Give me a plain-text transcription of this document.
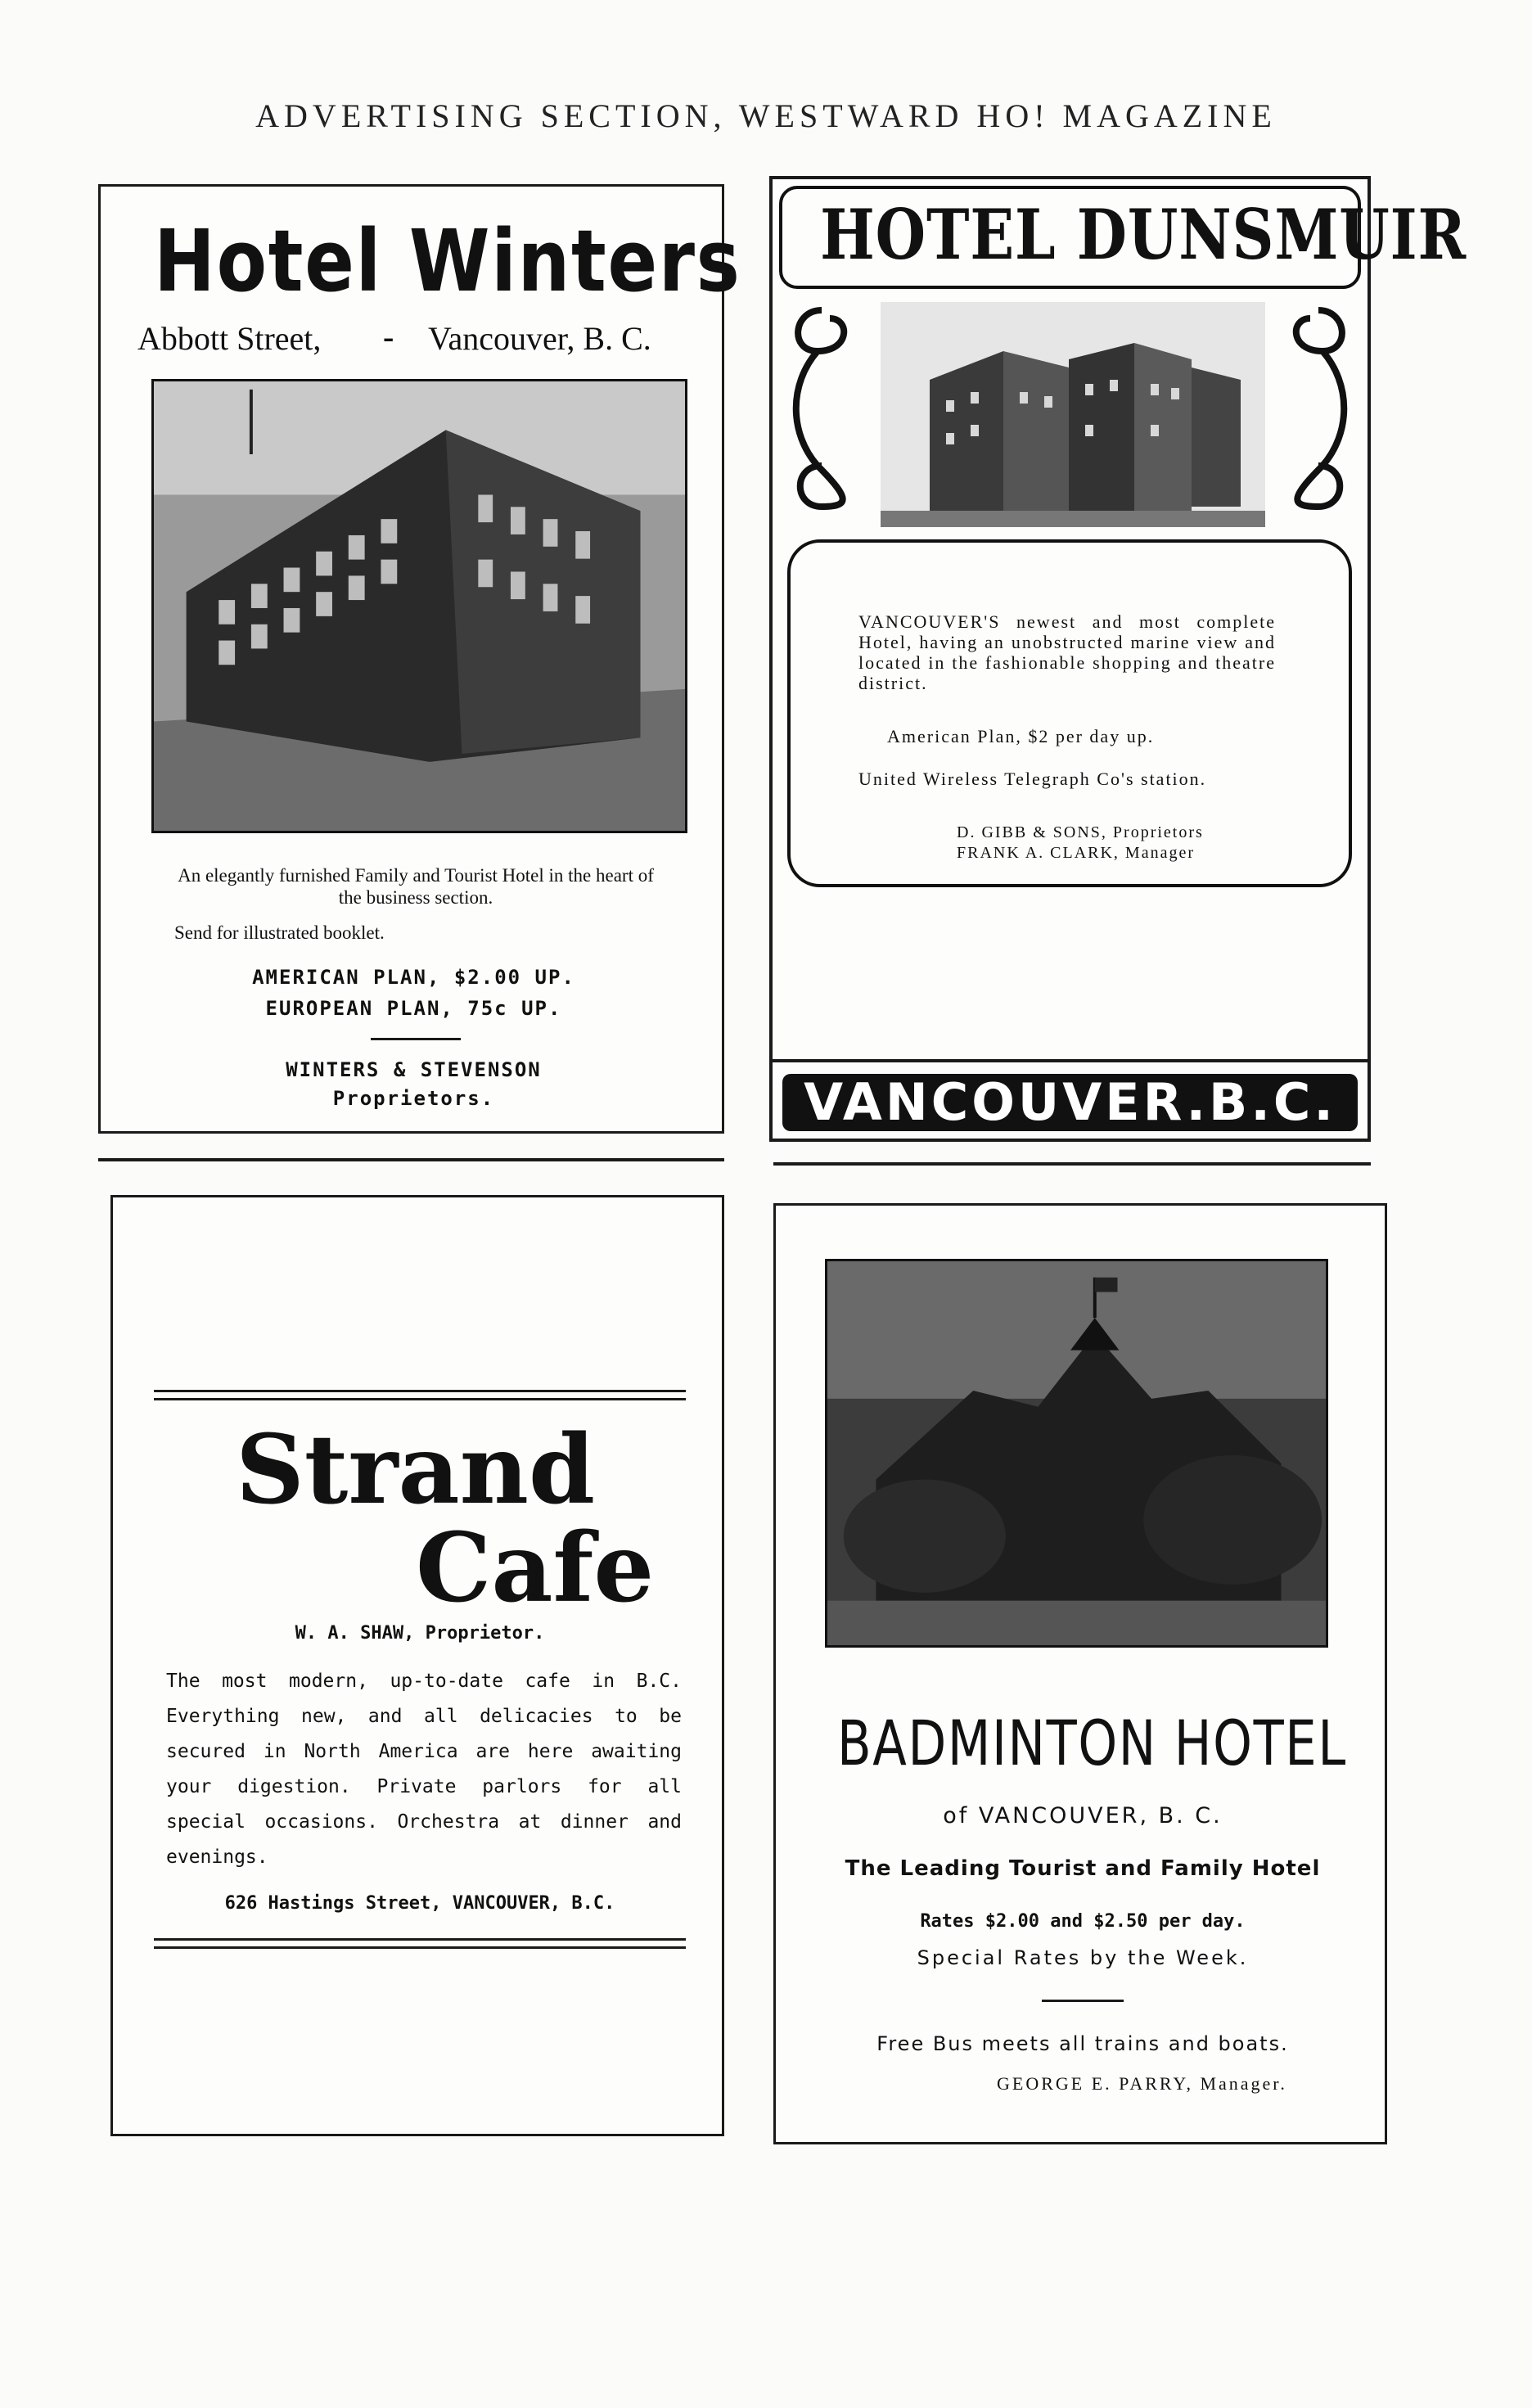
ADVERTISING SECTION, WESTWARD HO! MAGAZINE
Hotel Winters
Abbott Street, - Vancouver, B. C.
An elegantly furnished Family and Tourist Hotel in the heart of the business section.
Send for illustrated booklet.
AMERICAN PLAN, $2.00 UP.
EUROPEAN PLAN, 75c UP.
WINTERS & STEVENSON
Proprietors.
HOTEL DUNSMUIR
VANCOUVER'S newest and most complete Hotel, having an unobstructed marine view and located in the fashionable shopping and theatre district.
American Plan, $2 per day up.
United Wireless Telegraph Co's station.
D. GIBB & SONS, Proprietors
FRANK A. CLARK, Manager
VANCOUVER.B.C.
Strand
Cafe
W. A. SHAW, Proprietor.
The most modern, up-to-date cafe in B.C. Everything new, and all delicacies to be secured in North America are here awaiting your digestion. Private parlors for all special occasions. Orchestra at dinner and evenings.
626 Hastings Street, VANCOUVER, B.C.
BADMINTON HOTEL
of VANCOUVER, B. C.
The Leading Tourist and Family Hotel
Rates $2.00 and $2.50 per day.
Special Rates by the Week.
Free Bus meets all trains and boats.
GEORGE E. PARRY, Manager.
